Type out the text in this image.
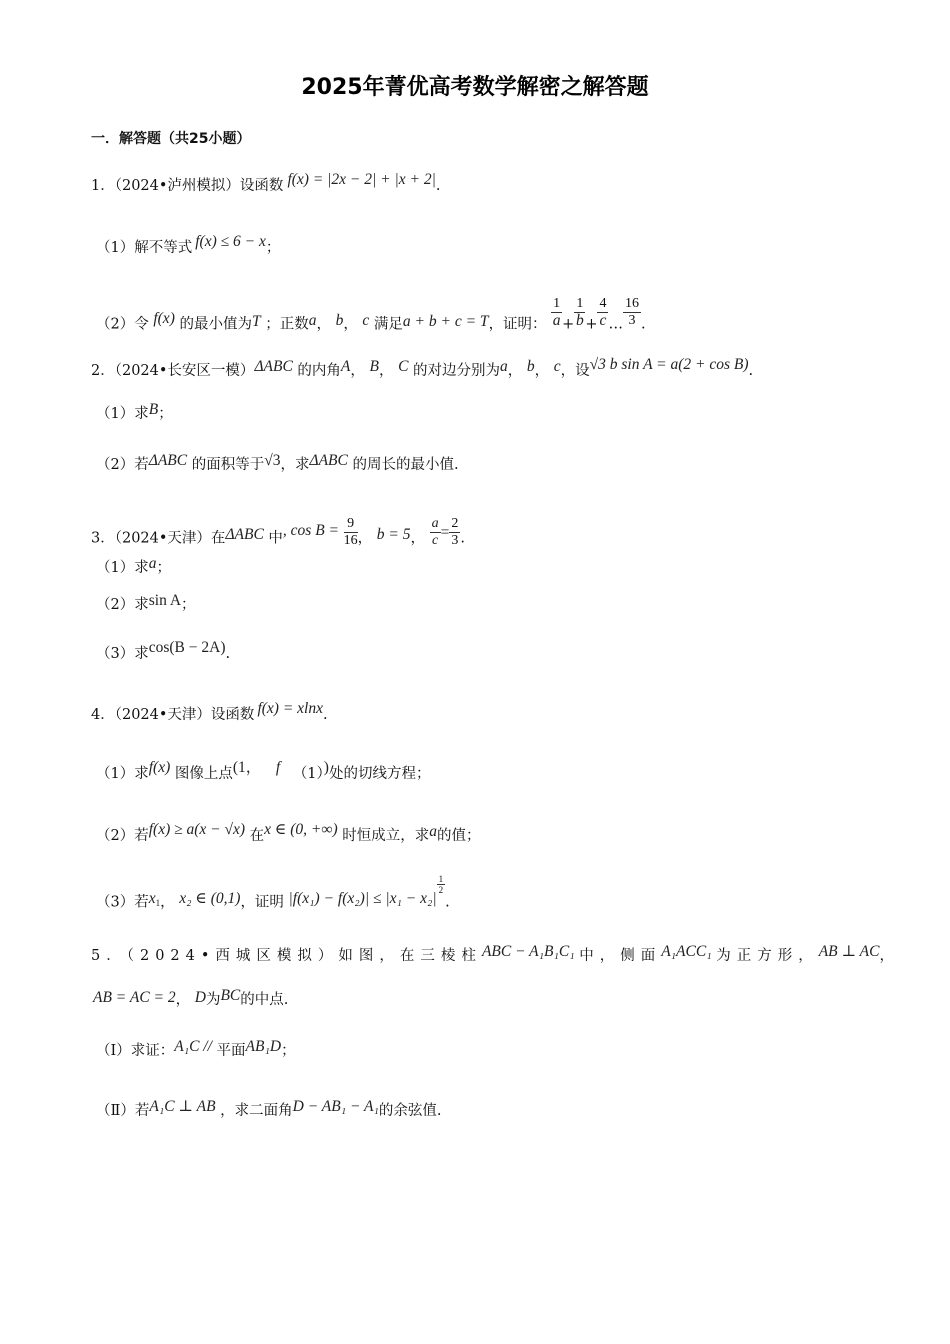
2025年菁优高考数学解密之解答题
一．解答题（共25小题）
1．（2024•泸州模拟）设函数 f(x) = |2x − 2| + |x + 2|.
（1）解不等式 f(x) ≤ 6 − x；
（2）令 f(x) 的最小值为T ；正数a， b， c 满足a + b + c = T，证明： $\frac{1}{a} + \frac{1}{b} + \frac{4}{c}$ … $\frac{16}{3}$ .
2．（2024•长安区一模）ΔABC 的内角A， B， C 的对边分别为a， b， c，设√3 b sin A = a(2 + cos B).
（1）求B；
（2）若ΔABC 的面积等于√3，求ΔABC 的周长的最小值.
3．（2024•天津）在ΔABC 中, $\cos B = \frac{9}{16}$ ， b = 5， $\frac{a}{c} = \frac{2}{3}$ .
（1）求a；
（2）求sin A；
（3）求cos(B − 2A).
4．（2024•天津）设函数 f(x) = xlnx.
（1）求f(x) 图像上点(1， f （1）)处的切线方程；
（2）若f(x) ≥ a(x − √x) 在x ∈ (0, +∞) 时恒成立，求a的值；
（3）若$x_1$， x₂ ∈ (0,1)，证明 |f(x₁) − f(x₂)| ≤ |x₁ − x₂|
$\frac{1}{2}$
.
5．（2024•西城区模拟）如图，在三棱柱ABC − A₁B₁C₁ 中，侧面A₁ACC₁ 为正方形，AB ⊥ AC，
AB = AC = 2， D为BC的中点.
（Ⅰ）求证：A₁C // 平面AB₁D；
（Ⅱ）若A₁C ⊥ AB ，求二面角D − AB₁ − A₁的余弦值.
